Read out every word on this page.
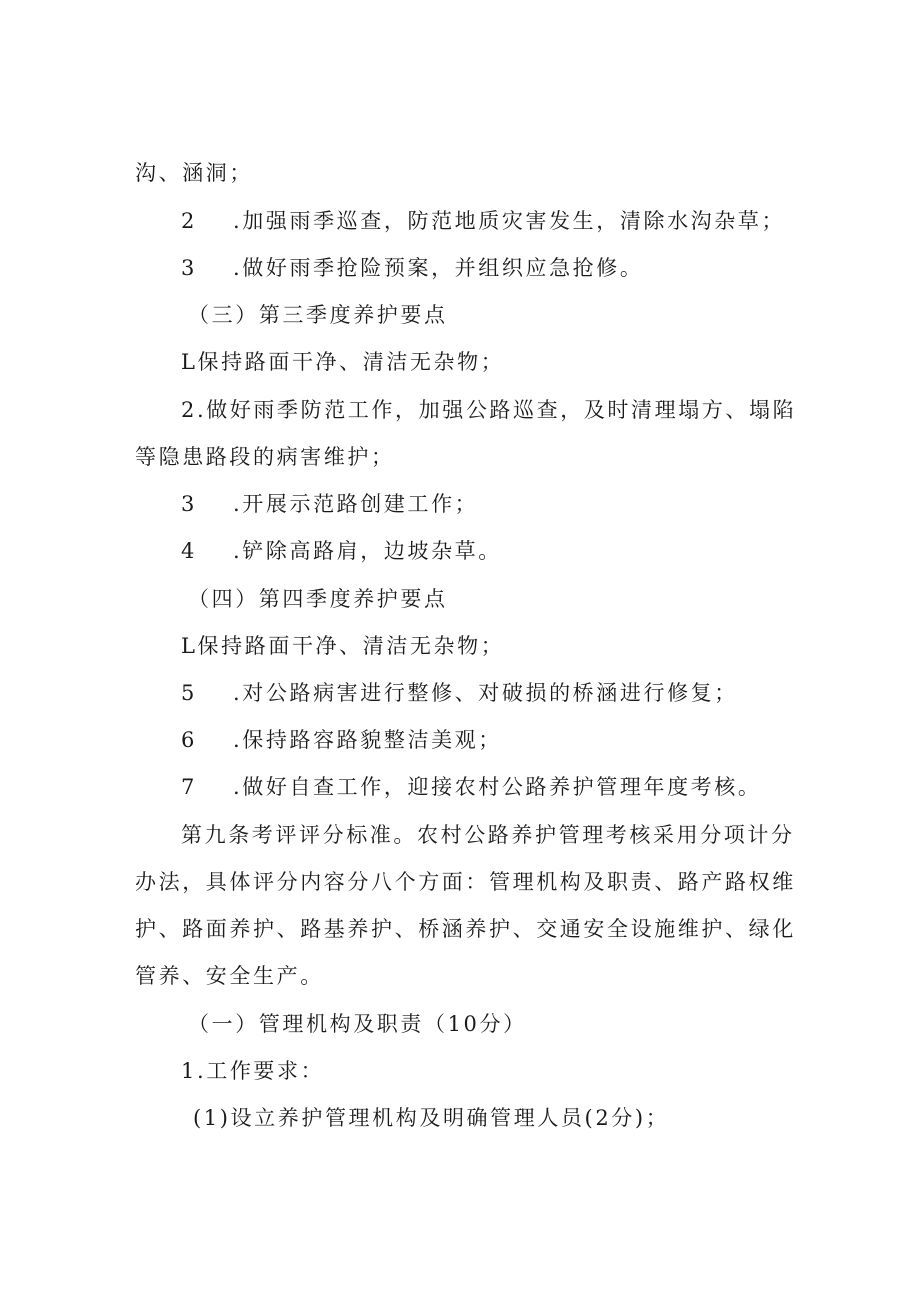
沟、涵洞；
2 .加强雨季巡查，防范地质灾害发生，清除水沟杂草；
3 .做好雨季抢险预案，并组织应急抢修。
（三）第三季度养护要点
L保持路面干净、清洁无杂物；
2.做好雨季防范工作，加强公路巡查，及时清理塌方、塌陷
等隐患路段的病害维护；
3 .开展示范路创建工作；
4 .铲除高路肩，边坡杂草。
（四）第四季度养护要点
L保持路面干净、清洁无杂物；
5 .对公路病害进行整修、对破损的桥涵进行修复；
6 .保持路容路貌整洁美观；
7 .做好自查工作，迎接农村公路养护管理年度考核。
第九条考评评分标准。农村公路养护管理考核采用分项计分
办法，具体评分内容分八个方面：管理机构及职责、路产路权维
护、路面养护、路基养护、桥涵养护、交通安全设施维护、绿化
管养、安全生产。
（一）管理机构及职责（10分）
1.工作要求：
(1)设立养护管理机构及明确管理人员(2分)；
